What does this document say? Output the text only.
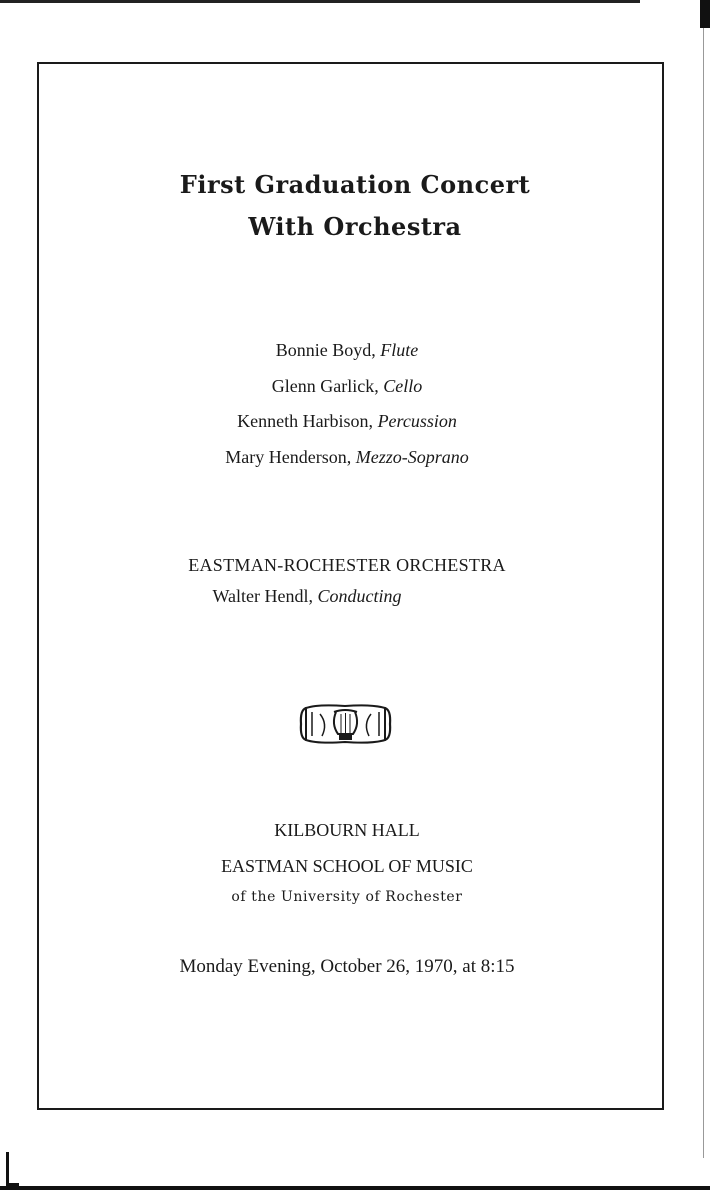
First Graduation Concert
With Orchestra
Bonnie Boyd, Flute
Glenn Garlick, Cello
Kenneth Harbison, Percussion
Mary Henderson, Mezzo-Soprano
EASTMAN-ROCHESTER ORCHESTRA
Walter Hendl, Conducting
KILBOURN HALL
EASTMAN SCHOOL OF MUSIC
of the University of Rochester
Monday Evening, October 26, 1970, at 8:15
